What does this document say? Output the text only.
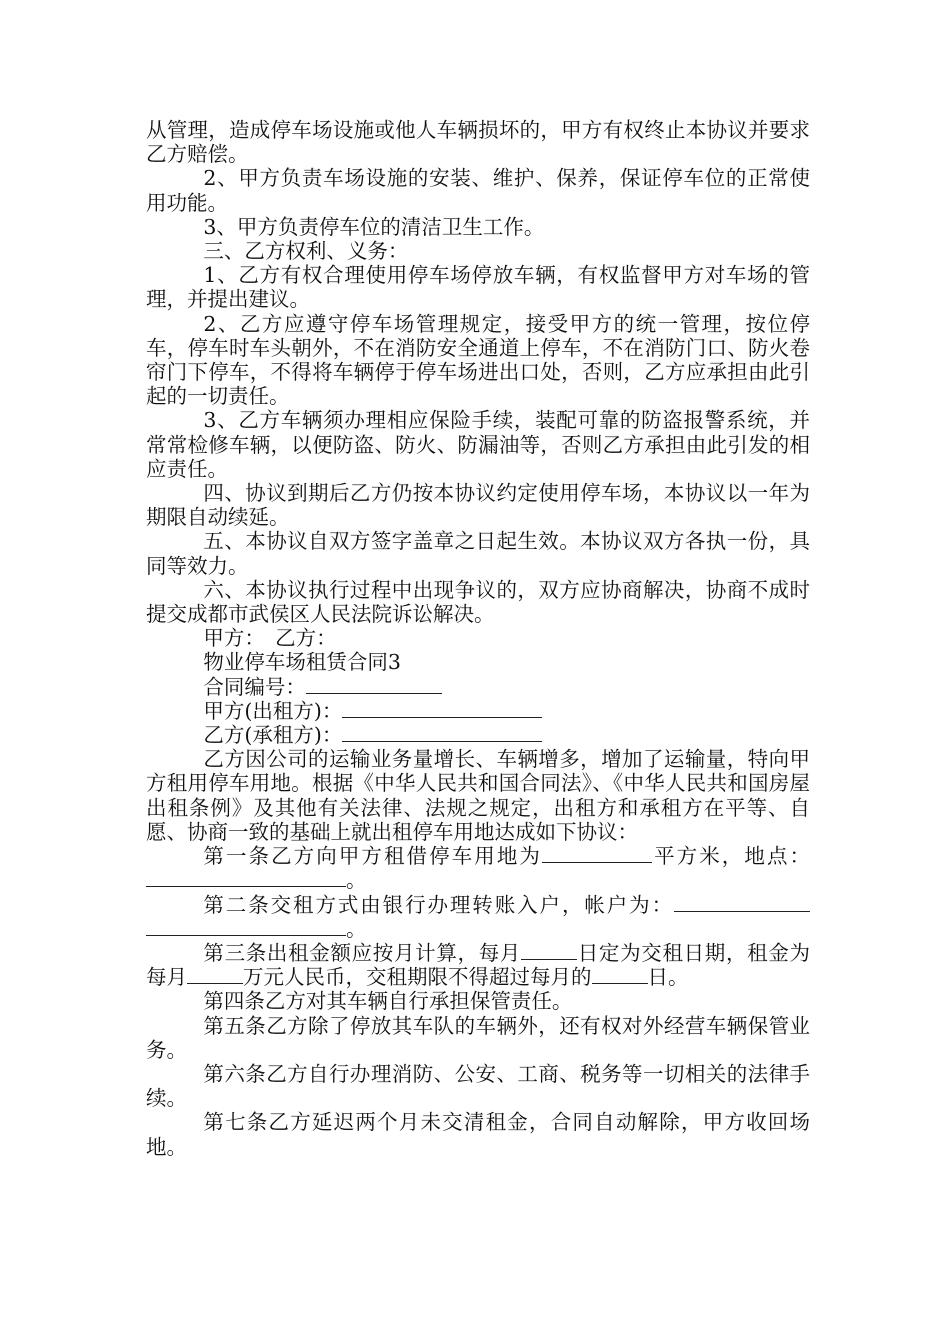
从管理，造成停车场设施或他人车辆损坏的，甲方有权终止本协议并要求乙方赔偿。

2、甲方负责车场设施的安装、维护、保养，保证停车位的正常使用功能。

3、甲方负责停车位的清洁卫生工作。

三、乙方权利、义务：

1、乙方有权合理使用停车场停放车辆，有权监督甲方对车场的管理，并提出建议。

2、乙方应遵守停车场管理规定，接受甲方的统一管理，按位停车，停车时车头朝外，不在消防安全通道上停车，不在消防门口、防火卷帘门下停车，不得将车辆停于停车场进出口处，否则，乙方应承担由此引起的一切责任。

3、乙方车辆须办理相应保险手续，装配可靠的防盗报警系统，并常常检修车辆，以便防盗、防火、防漏油等，否则乙方承担由此引发的相应责任。

四、协议到期后乙方仍按本协议约定使用停车场，本协议以一年为期限自动续延。

五、本协议自双方签字盖章之日起生效。本协议双方各执一份，具同等效力。

六、本协议执行过程中出现争议的，双方应协商解决，协商不成时提交成都市武侯区人民法院诉讼解决。

甲方：　乙方：

物业停车场租赁合同3

合同编号：

甲方(出租方)：

乙方(承租方)：

乙方因公司的运输业务量增长、车辆增多，增加了运输量，特向甲方租用停车用地。根据《中华人民共和国合同法》、《中华人民共和国房屋出租条例》及其他有关法律、法规之规定，出租方和承租方在平等、自愿、协商一致的基础上就出租停车用地达成如下协议：

第一条乙方向甲方租借停车用地为	平方米，地点：。

第二条交租方式由银行办理转账入户，帐户为：。

第三条出租金额应按月计算，每月	日定为交租日期，租金为每月	万元人民币，交租期限不得超过每月的	日。

第四条乙方对其车辆自行承担保管责任。

第五条乙方除了停放其车队的车辆外，还有权对外经营车辆保管业务。

第六条乙方自行办理消防、公安、工商、税务等一切相关的法律手续。

第七条乙方延迟两个月未交清租金，合同自动解除，甲方收回场地。
